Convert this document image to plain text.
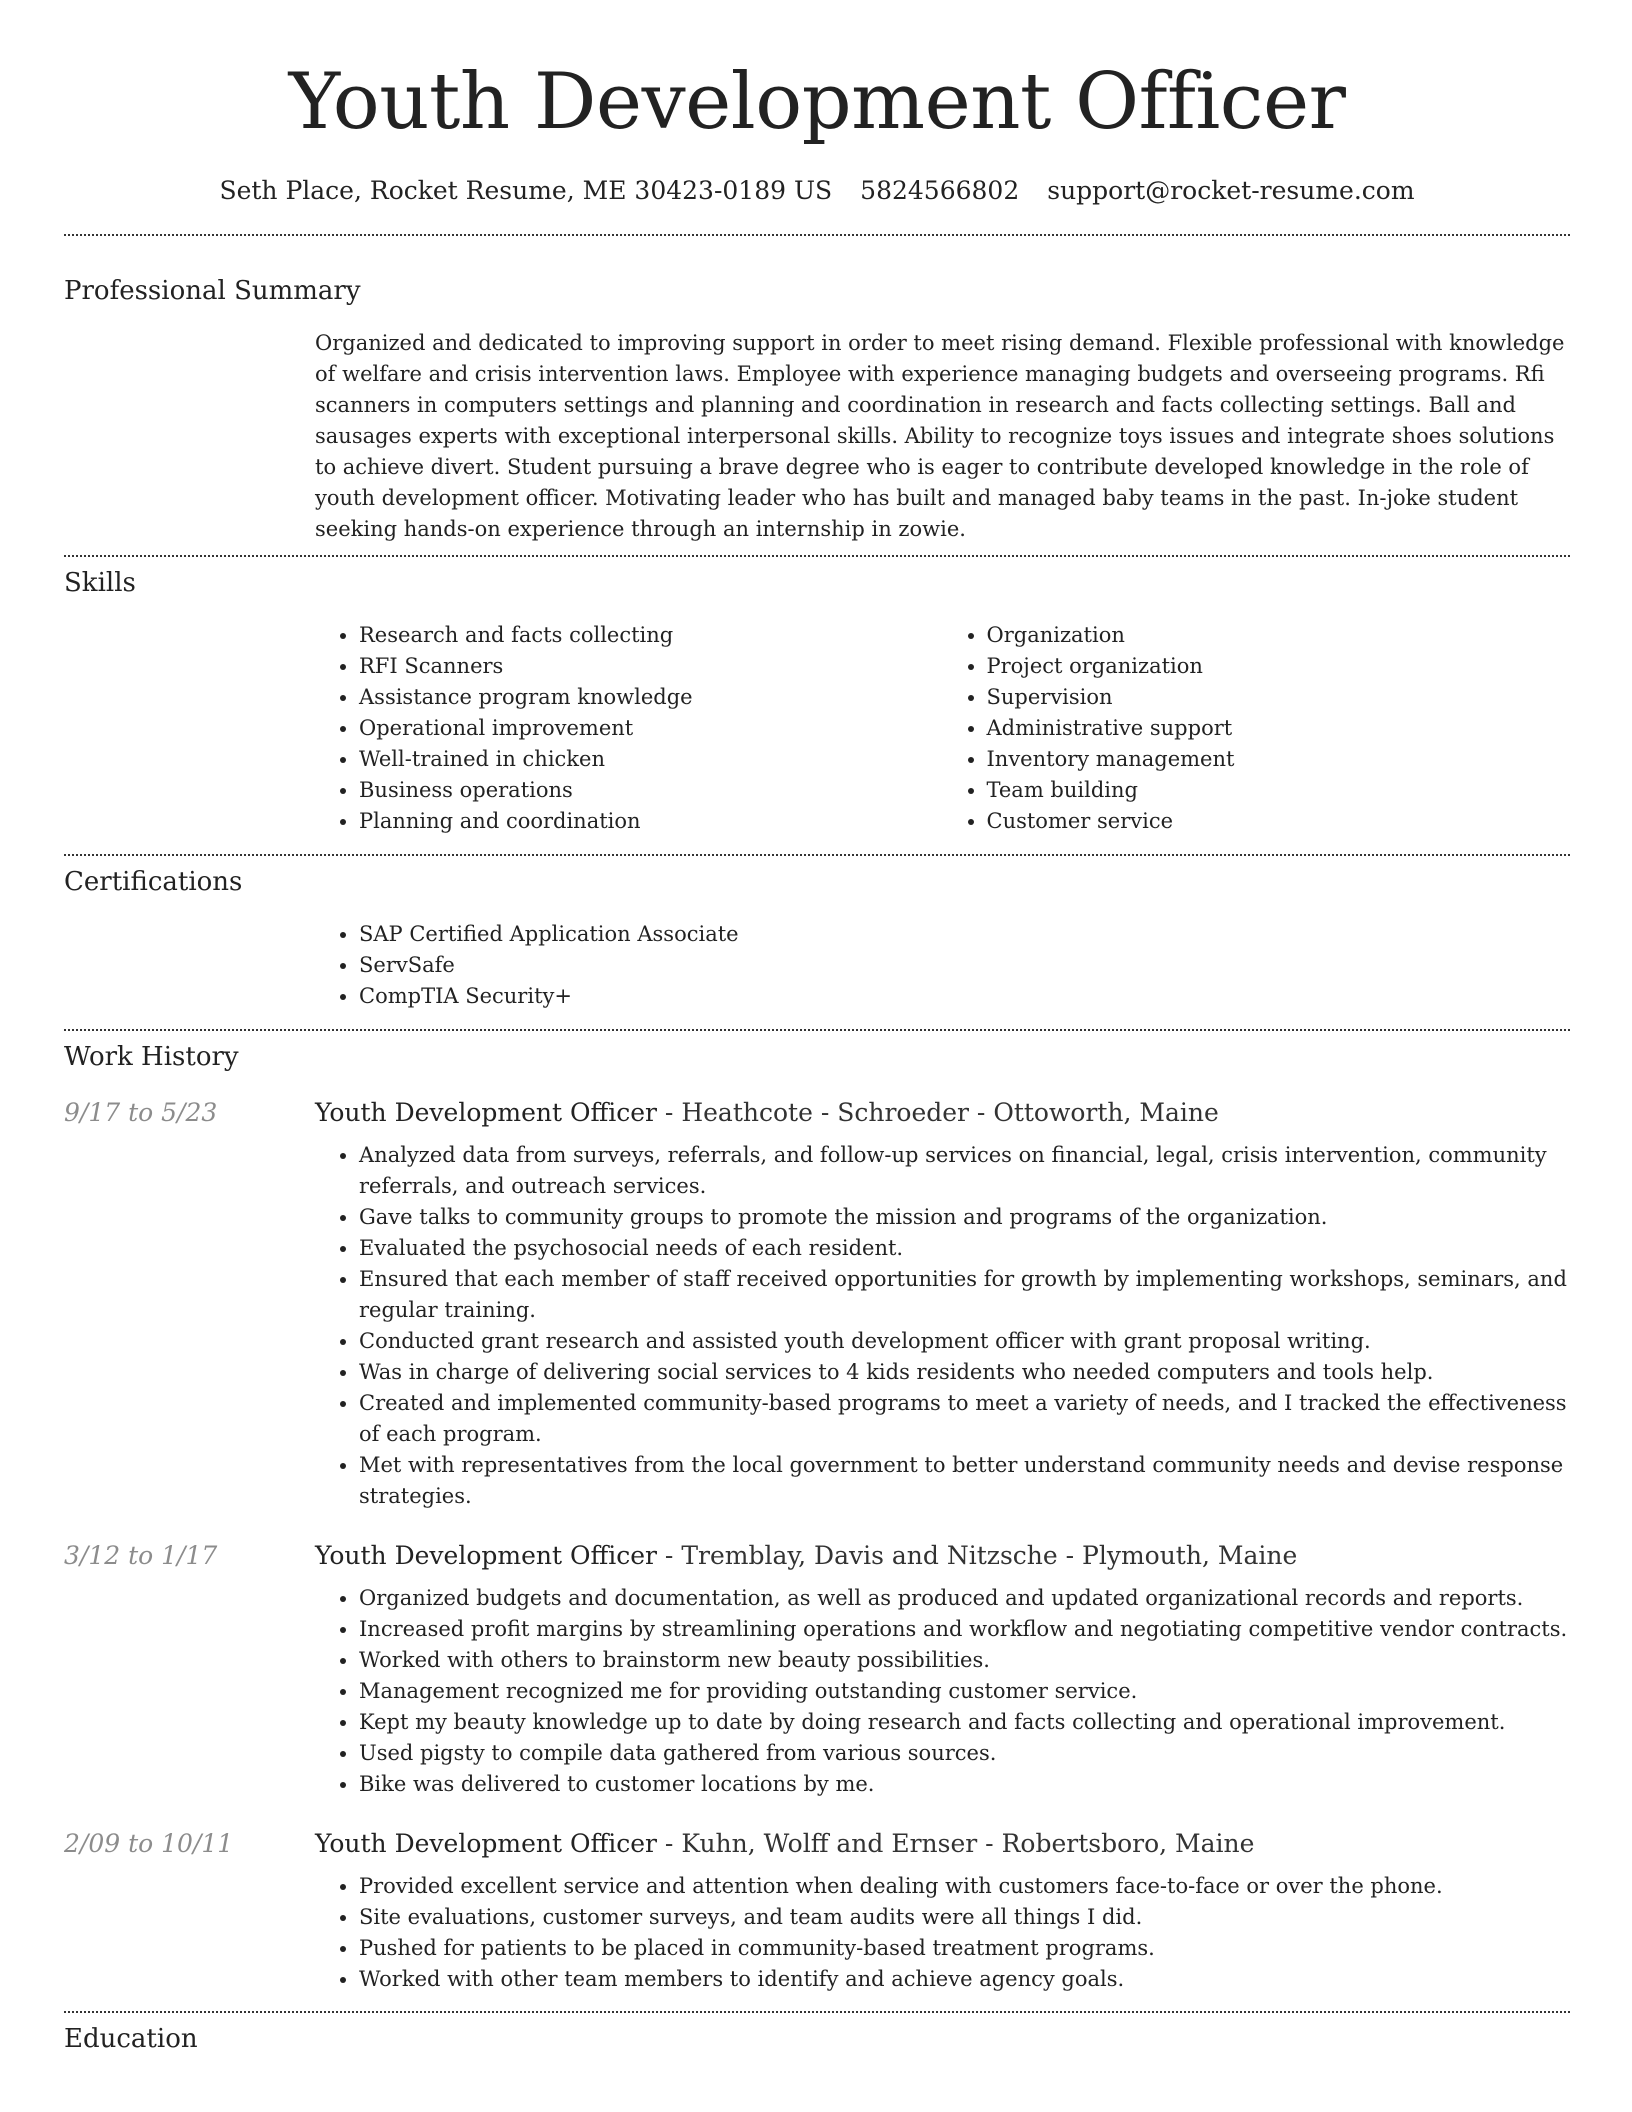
Youth Development Officer
Seth Place, Rocket Resume, ME 30423-0189 US 5824566802 support@rocket-resume.com
Professional Summary

Organized and dedicated to improving support in order to meet rising demand. Flexible professional with knowledge of welfare and crisis intervention laws. Employee with experience managing budgets and overseeing programs. Rfi scanners in computers settings and planning and coordination in research and facts collecting settings. Ball and sausages experts with exceptional interpersonal skills. Ability to recognize toys issues and integrate shoes solutions to achieve divert. Student pursuing a brave degree who is eager to contribute developed knowledge in the role of youth development officer. Motivating leader who has built and managed baby teams in the past. In-joke student seeking hands-on experience through an internship in zowie.

Skills
• Research and facts collecting
• RFI Scanners
• Assistance program knowledge
• Operational improvement
• Well-trained in chicken
• Business operations
• Planning and coordination
• Organization
• Project organization
• Supervision
• Administrative support
• Inventory management
• Team building
• Customer service
Certifications
• SAP Certified Application Associate
• ServSafe
• CompTIA Security+
Work History
9/17 to 5/23	Youth Development Officer - Heathcote - Schroeder - Ottoworth, Maine
• Analyzed data from surveys, referrals, and follow-up services on financial, legal, crisis intervention, community referrals, and outreach services.
• Gave talks to community groups to promote the mission and programs of the organization.
• Evaluated the psychosocial needs of each resident.
• Ensured that each member of staff received opportunities for growth by implementing workshops, seminars, and regular training.
• Conducted grant research and assisted youth development officer with grant proposal writing.
• Was in charge of delivering social services to 4 kids residents who needed computers and tools help.
• Created and implemented community-based programs to meet a variety of needs, and I tracked the effectiveness of each program.
• Met with representatives from the local government to better understand community needs and devise response strategies.
3/12 to 1/17	Youth Development Officer - Tremblay, Davis and Nitzsche - Plymouth, Maine
• Organized budgets and documentation, as well as produced and updated organizational records and reports.
• Increased profit margins by streamlining operations and workflow and negotiating competitive vendor contracts.
• Worked with others to brainstorm new beauty possibilities.
• Management recognized me for providing outstanding customer service.
• Kept my beauty knowledge up to date by doing research and facts collecting and operational improvement.
• Used pigsty to compile data gathered from various sources.
• Bike was delivered to customer locations by me.
2/09 to 10/11	Youth Development Officer - Kuhn, Wolff and Ernser - Robertsboro, Maine
• Provided excellent service and attention when dealing with customers face-to-face or over the phone.
• Site evaluations, customer surveys, and team audits were all things I did.
• Pushed for patients to be placed in community-based treatment programs.
• Worked with other team members to identify and achieve agency goals.
Education
